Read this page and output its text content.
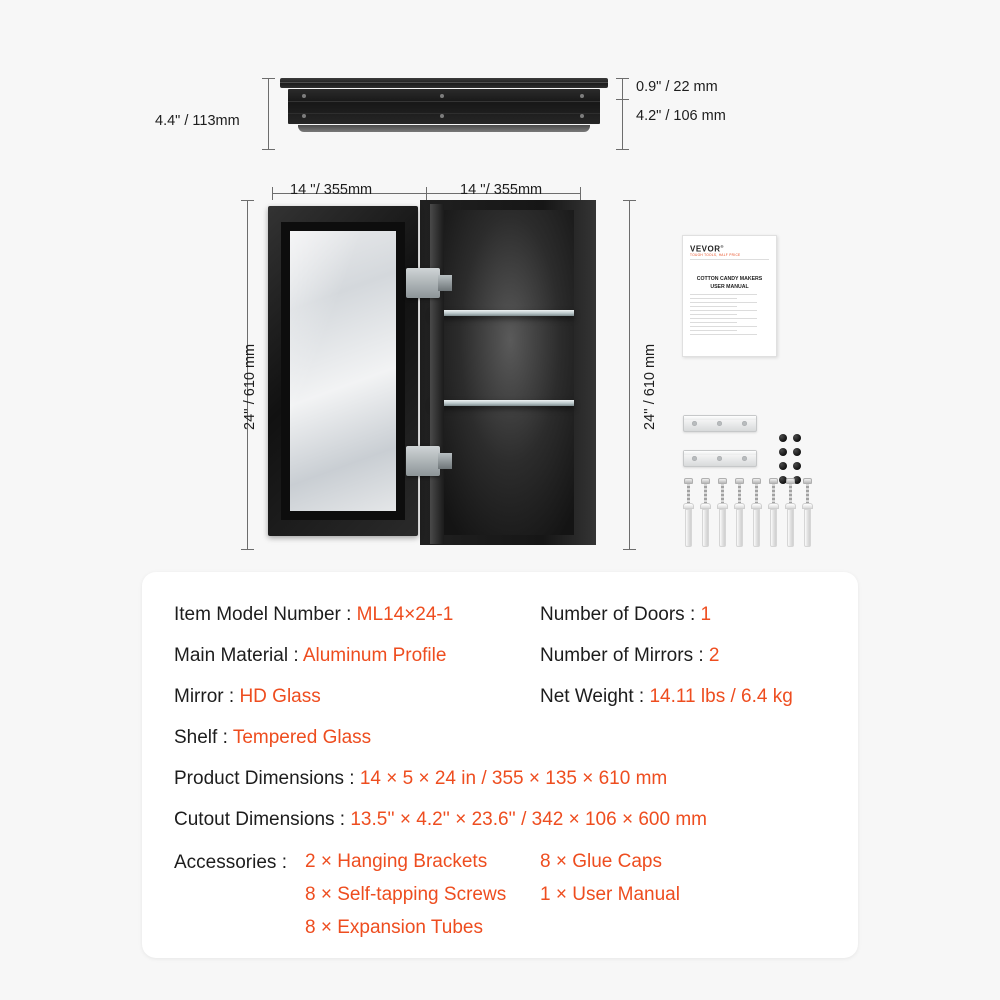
4.4" / 113mm
0.9" / 22 mm
4.2" / 106 mm
14 ''/ 355mm	14 ''/ 355mm
24'' / 610 mm	24'' / 610 mm
VEVOR®
TOUGH TOOLS, HALF PRICE
COTTON CANDY MAKERS
USER MANUAL
Item Model Number : ML14×24-1
Main Material : Aluminum Profile
Mirror : HD Glass
Shelf : Tempered Glass
Number of Doors : 1
Number of Mirrors : 2
Net Weight : 14.11 lbs / 6.4 kg
Product Dimensions : 14 × 5 × 24 in / 355 × 135 × 610 mm
Cutout Dimensions : 13.5'' × 4.2'' × 23.6'' / 342 × 106 × 600 mm
Accessories : 2 × Hanging Brackets
8 × Self-tapping Screws
8 × Expansion Tubes
8 × Glue Caps
1 × User Manual
